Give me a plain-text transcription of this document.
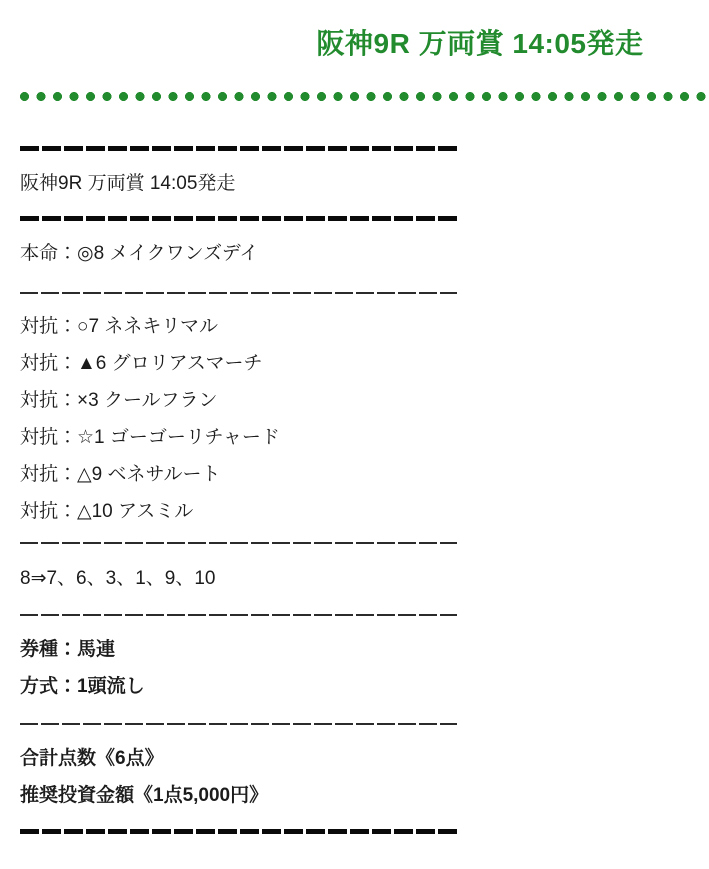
阪神9R 万両賞 14:05発走

阪神9R 万両賞 14:05発走

本命：◎8 メイクワンズデイ

対抗：○7 ネネキリマル

対抗：▲6 グロリアスマーチ

対抗：×3 クールフラン

対抗：☆1 ゴーゴーリチャード

対抗：△9 ベネサルート

対抗：△10 アスミル

8⇒7、6、3、1、9、10

券種：馬連

方式：1頭流し

合計点数《6点》

推奨投資金額《1点5,000円》
